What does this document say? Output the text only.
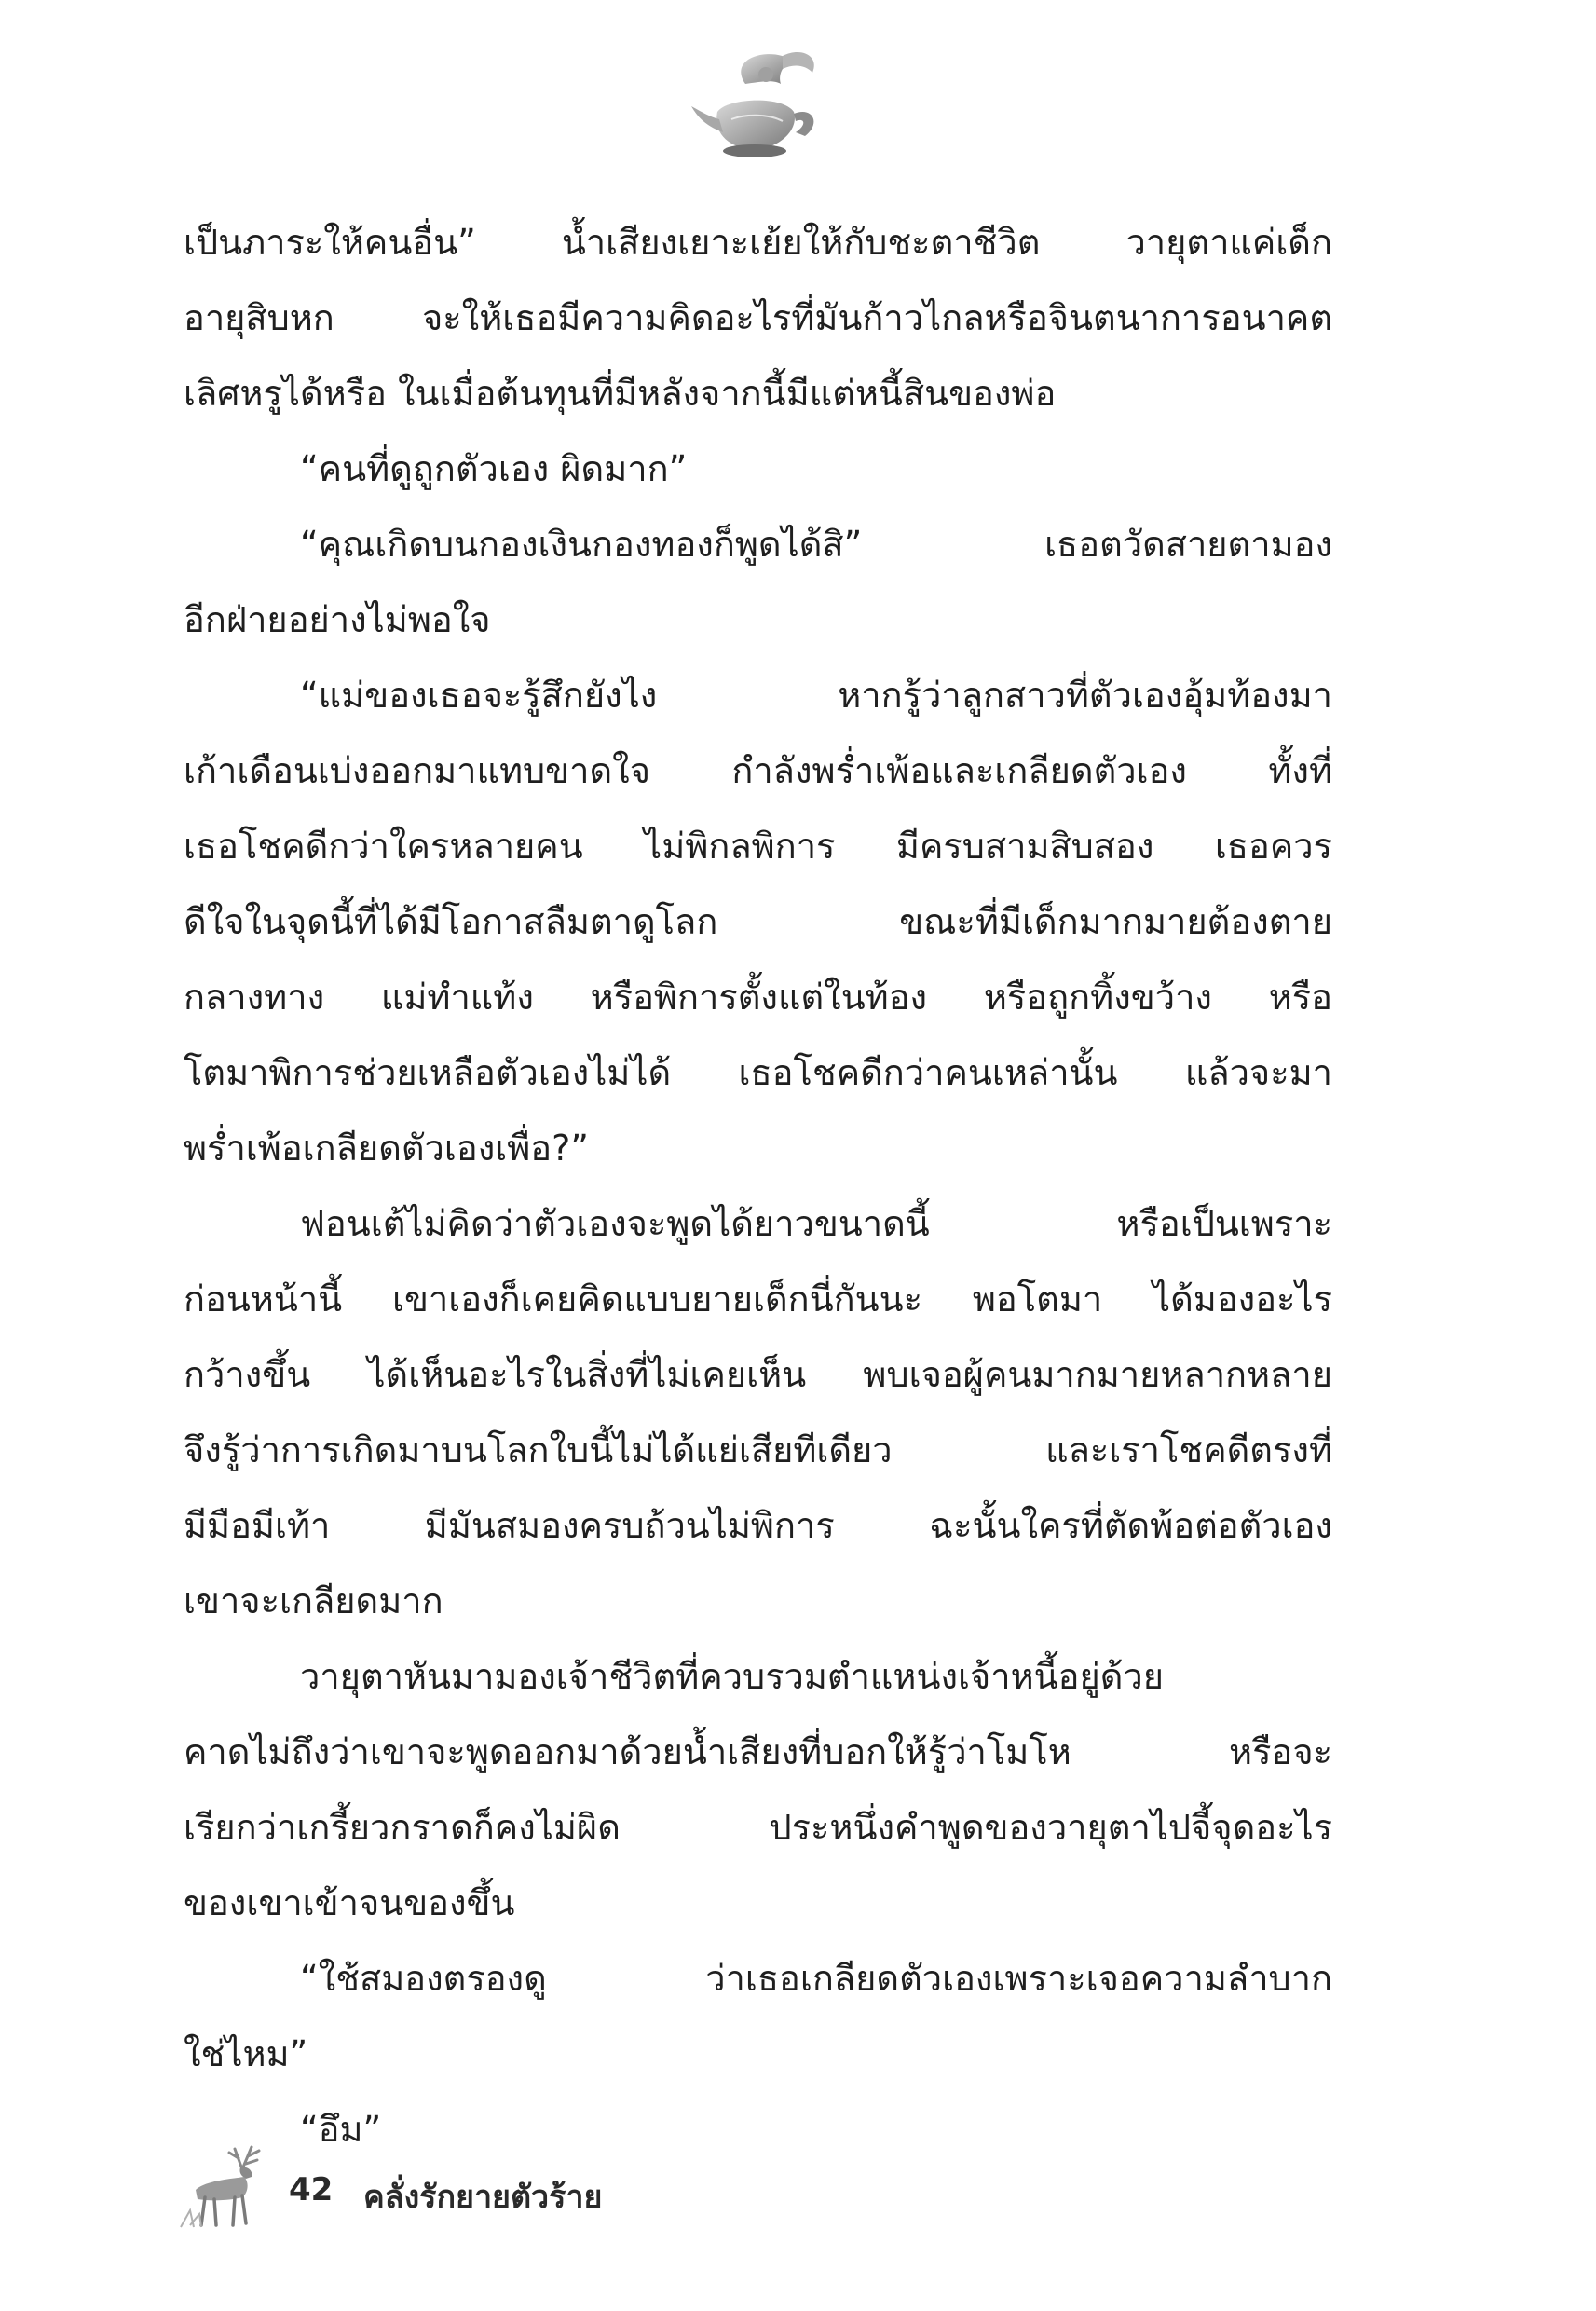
เป็นภาระให้คนอื่น” น้ำเสียงเยาะเย้ยให้กับชะตาชีวิต วายุตาแค่เด็ก
อายุสิบหก จะให้เธอมีความคิดอะไรที่มันก้าวไกลหรือจินตนาการอนาคต
เลิศหรูได้หรือ ในเมื่อต้นทุนที่มีหลังจากนี้มีแต่หนี้สินของพ่อ
“คนที่ดูถูกตัวเอง ผิดมาก”
“คุณเกิดบนกองเงินกองทองก็พูดได้สิ” เธอตวัดสายตามอง
อีกฝ่ายอย่างไม่พอใจ
“แม่ของเธอจะรู้สึกยังไง หากรู้ว่าลูกสาวที่ตัวเองอุ้มท้องมา
เก้าเดือนเบ่งออกมาแทบขาดใจ กำลังพร่ำเพ้อและเกลียดตัวเอง ทั้งที่
เธอโชคดีกว่าใครหลายคน ไม่พิกลพิการ มีครบสามสิบสอง เธอควร
ดีใจในจุดนี้ที่ได้มีโอกาสลืมตาดูโลก ขณะที่มีเด็กมากมายต้องตาย
กลางทาง แม่ทำแท้ง หรือพิการตั้งแต่ในท้อง หรือถูกทิ้งขว้าง หรือ
โตมาพิการช่วยเหลือตัวเองไม่ได้ เธอโชคดีกว่าคนเหล่านั้น แล้วจะมา
พร่ำเพ้อเกลียดตัวเองเพื่อ?”
ฟอนเต้ไม่คิดว่าตัวเองจะพูดได้ยาวขนาดนี้ หรือเป็นเพราะ
ก่อนหน้านี้ เขาเองก็เคยคิดแบบยายเด็กนี่กันนะ พอโตมา ได้มองอะไร
กว้างขึ้น ได้เห็นอะไรในสิ่งที่ไม่เคยเห็น พบเจอผู้คนมากมายหลากหลาย
จึงรู้ว่าการเกิดมาบนโลกใบนี้ไม่ได้แย่เสียทีเดียว และเราโชคดีตรงที่
มีมือมีเท้า มีมันสมองครบถ้วนไม่พิการ ฉะนั้นใครที่ตัดพ้อต่อตัวเอง
เขาจะเกลียดมาก
วายุตาหันมามองเจ้าชีวิตที่ควบรวมตำแหน่งเจ้าหนี้อยู่ด้วย
คาดไม่ถึงว่าเขาจะพูดออกมาด้วยน้ำเสียงที่บอกให้รู้ว่าโมโห หรือจะ
เรียกว่าเกรี้ยวกราดก็คงไม่ผิด ประหนึ่งคำพูดของวายุตาไปจี้จุดอะไร
ของเขาเข้าจนของขึ้น
“ใช้สมองตรองดู ว่าเธอเกลียดตัวเองเพราะเจอความลำบาก
ใช่ไหม”
“อึม”
42 คลั่งรักยายตัวร้าย
